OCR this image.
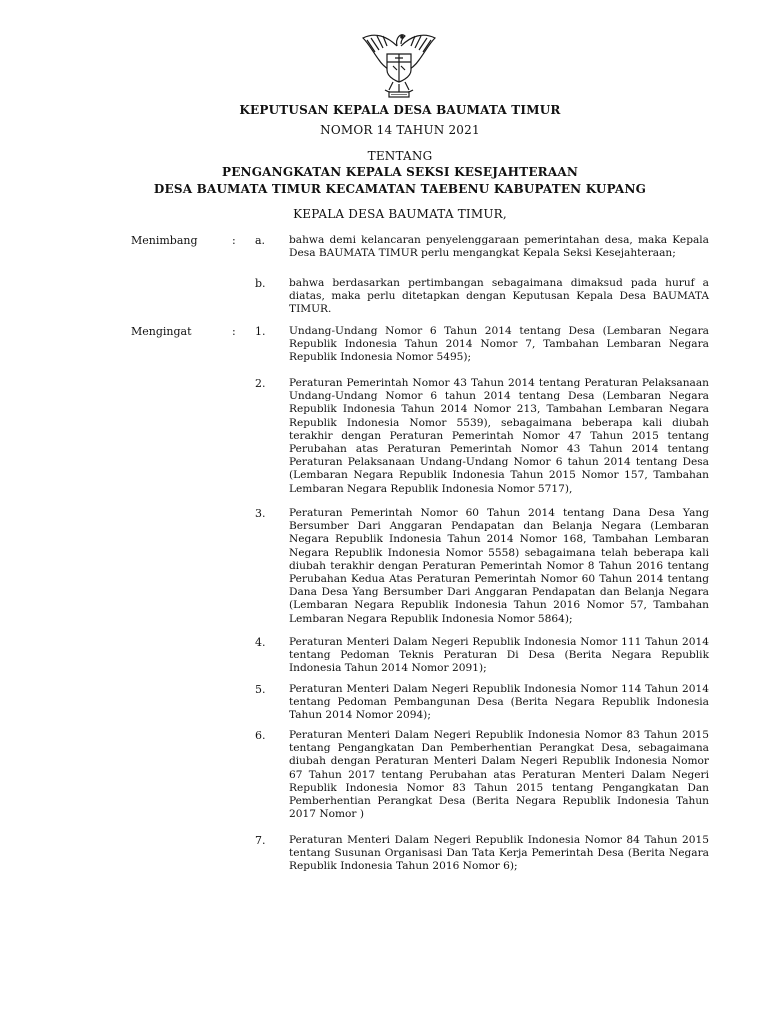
KEPUTUSAN KEPALA DESA BAUMATA TIMUR
NOMOR 14 TAHUN 2021
TENTANG
PENGANGKATAN KEPALA SEKSI KESEJAHTERAAN
DESA BAUMATA TIMUR KECAMATAN TAEBENU KABUPATEN KUPANG
KEPALA DESA BAUMATA TIMUR,
Menimbang	: a. bahwa demi kelancaran penyelenggaraan pemerintahan desa, maka Kepala Desa BAUMATA TIMUR perlu mengangkat Kepala Seksi Kesejahteraan;
b. bahwa berdasarkan pertimbangan sebagaimana dimaksud pada huruf a diatas, maka perlu ditetapkan dengan Keputusan Kepala Desa BAUMATA TIMUR.
Mengingat	: 1. Undang-Undang Nomor 6 Tahun 2014 tentang Desa (Lembaran Negara Republik Indonesia Tahun 2014 Nomor 7, Tambahan Lembaran Negara Republik Indonesia Nomor 5495);
2. Peraturan Pemerintah Nomor 43 Tahun 2014 tentang Peraturan Pelaksanaan Undang-Undang Nomor 6 tahun 2014 tentang Desa (Lembaran Negara Republik Indonesia Tahun 2014 Nomor 213, Tambahan Lembaran Negara Republik Indonesia Nomor 5539), sebagaimana beberapa kali diubah terakhir dengan Peraturan Pemerintah Nomor 47 Tahun 2015 tentang Perubahan atas Peraturan Pemerintah Nomor 43 Tahun 2014 tentang Peraturan Pelaksanaan Undang-Undang Nomor 6 tahun 2014 tentang Desa (Lembaran Negara Republik Indonesia Tahun 2015 Nomor 157, Tambahan Lembaran Negara Republik Indonesia Nomor 5717),
3. Peraturan Pemerintah Nomor 60 Tahun 2014 tentang Dana Desa Yang Bersumber Dari Anggaran Pendapatan dan Belanja Negara (Lembaran Negara Republik Indonesia Tahun 2014 Nomor 168, Tambahan Lembaran Negara Republik Indonesia Nomor 5558) sebagaimana telah beberapa kali diubah terakhir dengan Peraturan Pemerintah Nomor 8 Tahun 2016 tentang Perubahan Kedua Atas Peraturan Pemerintah Nomor 60 Tahun 2014 tentang Dana Desa Yang Bersumber Dari Anggaran Pendapatan dan Belanja Negara (Lembaran Negara Republik Indonesia Tahun 2016 Nomor 57, Tambahan Lembaran Negara Republik Indonesia Nomor 5864);
4. Peraturan Menteri Dalam Negeri Republik Indonesia Nomor 111 Tahun 2014 tentang Pedoman Teknis Peraturan Di Desa (Berita Negara Republik Indonesia Tahun 2014 Nomor 2091);
5. Peraturan Menteri Dalam Negeri Republik Indonesia Nomor 114 Tahun 2014 tentang Pedoman Pembangunan Desa (Berita Negara Republik Indonesia Tahun 2014 Nomor 2094);
6. Peraturan Menteri Dalam Negeri Republik Indonesia Nomor 83 Tahun 2015 tentang Pengangkatan Dan Pemberhentian Perangkat Desa, sebagaimana diubah dengan Peraturan Menteri Dalam Negeri Republik Indonesia Nomor 67 Tahun 2017 tentang Perubahan atas Peraturan Menteri Dalam Negeri Republik Indonesia Nomor 83 Tahun 2015 tentang Pengangkatan Dan Pemberhentian Perangkat Desa (Berita Negara Republik Indonesia Tahun 2017 Nomor )
7. Peraturan Menteri Dalam Negeri Republik Indonesia Nomor 84 Tahun 2015 tentang Susunan Organisasi Dan Tata Kerja Pemerintah Desa (Berita Negara Republik Indonesia Tahun 2016 Nomor 6);
